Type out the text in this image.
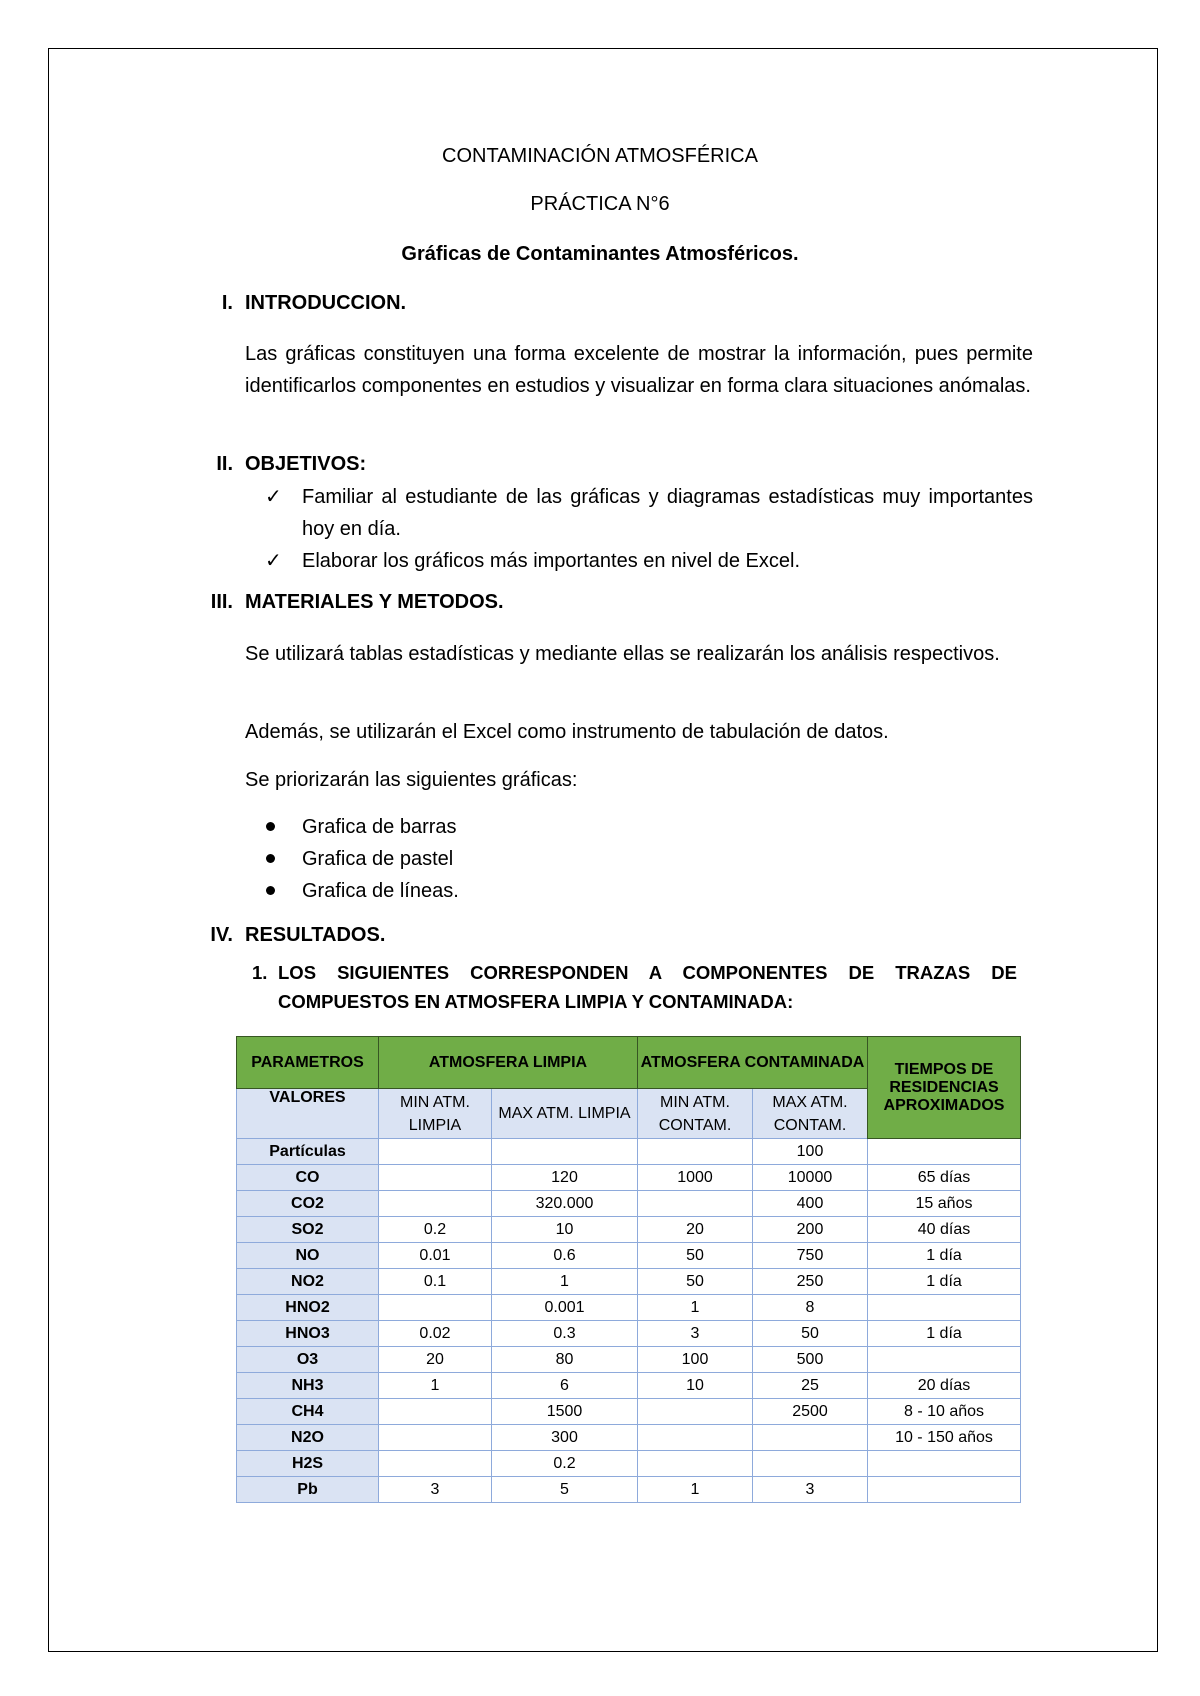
CONTAMINACIÓN ATMOSFÉRICA
PRÁCTICA N°6
Gráficas de Contaminantes Atmosféricos.
I. INTRODUCCION.
Las gráficas constituyen una forma excelente de mostrar la información, pues permite identificarlos componentes en estudios y visualizar en forma clara situaciones anómalas.
II. OBJETIVOS:
✓ Familiar al estudiante de las gráficas y diagramas estadísticas muy importantes hoy en día.
✓ Elaborar los gráficos más importantes en nivel de Excel.
III. MATERIALES Y METODOS.
Se utilizará tablas estadísticas y mediante ellas se realizarán los análisis respectivos.
Además, se utilizarán el Excel como instrumento de tabulación de datos.
Se priorizarán las siguientes gráficas:
Grafica de barras
Grafica de pastel
Grafica de líneas.
IV. RESULTADOS.
1. LOS SIGUIENTES CORRESPONDEN A COMPONENTES DE TRAZAS DE COMPUESTOS EN ATMOSFERA LIMPIA Y CONTAMINADA:
PARAMETROS	ATMOSFERA LIMPIA		ATMOSFERA CONTAMINADA		TIEMPOS DE RESIDENCIAS APROXIMADOS
VALORES	MIN ATM. LIMPIA	MAX ATM. LIMPIA	MIN ATM. CONTAM.	MAX ATM. CONTAM.	
Partículas				100	
CO		120	1000	10000	65 días
CO2		320.000		400	15 años
SO2	0.2	10	20	200	40 días
NO	0.01	0.6	50	750	1 día
NO2	0.1	1	50	250	1 día
HNO2		0.001	1	8	
HNO3	0.02	0.3	3	50	1 día
O3	20	80	100	500	
NH3	1	6	10	25	20 días
CH4		1500		2500	8 - 10 años
N2O		300			10 - 150 años
H2S		0.2			
Pb	3	5	1	3	
